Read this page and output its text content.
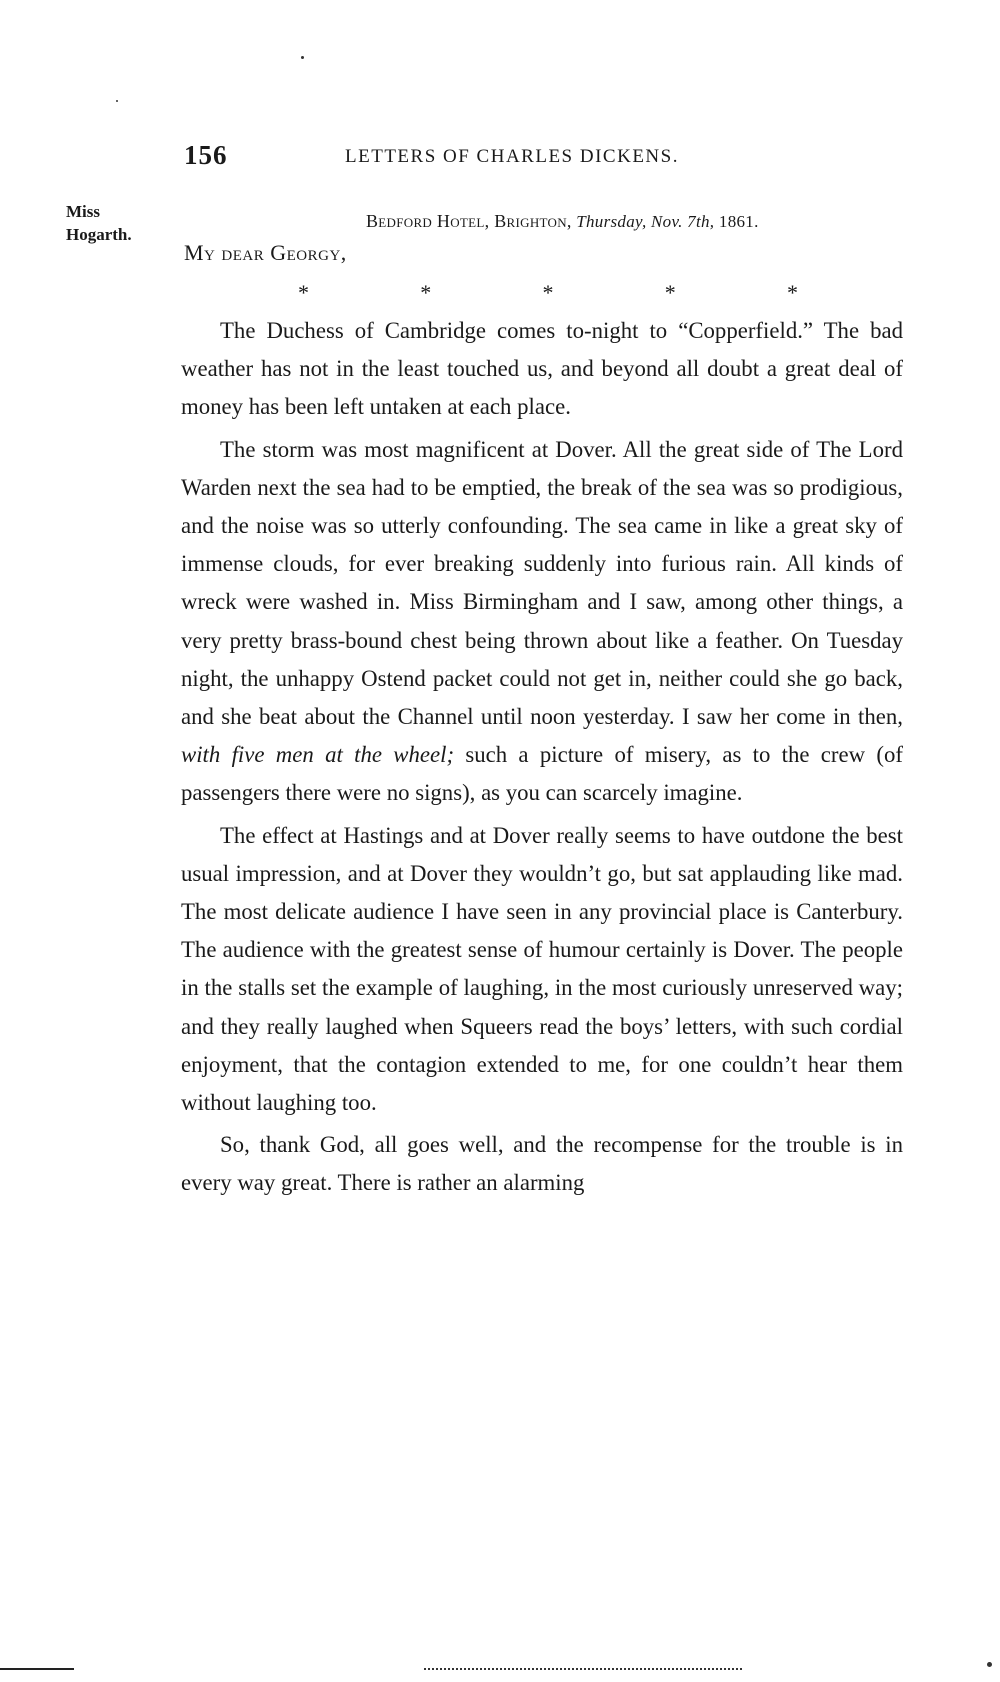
156	LETTERS OF CHARLES DICKENS.
Miss
Hogarth.
Bedford Hotel, Brighton, Thursday, Nov. 7th, 1861.
My dear Georgy,
*	*	*	*	*

The Duchess of Cambridge comes to-night to “Copperfield.” The bad weather has not in the least touched us, and beyond all doubt a great deal of money has been left untaken at each place.

The storm was most magnificent at Dover. All the great side of The Lord Warden next the sea had to be emptied, the break of the sea was so prodigious, and the noise was so utterly confounding. The sea came in like a great sky of immense clouds, for ever breaking suddenly into furious rain. All kinds of wreck were washed in. Miss Birmingham and I saw, among other things, a very pretty brass-bound chest being thrown about like a feather. On Tuesday night, the unhappy Ostend packet could not get in, neither could she go back, and she beat about the Channel until noon yesterday. I saw her come in then, with five men at the wheel; such a picture of misery, as to the crew (of passengers there were no signs), as you can scarcely imagine.

The effect at Hastings and at Dover really seems to have outdone the best usual impression, and at Dover they wouldn’t go, but sat applauding like mad. The most delicate audience I have seen in any provincial place is Canterbury. The audience with the greatest sense of humour certainly is Dover. The people in the stalls set the example of laughing, in the most curiously unreserved way; and they really laughed when Squeers read the boys’ letters, with such cordial enjoyment, that the contagion extended to me, for one couldn’t hear them without laughing too.

So, thank God, all goes well, and the recompense for the trouble is in every way great. There is rather an alarming
